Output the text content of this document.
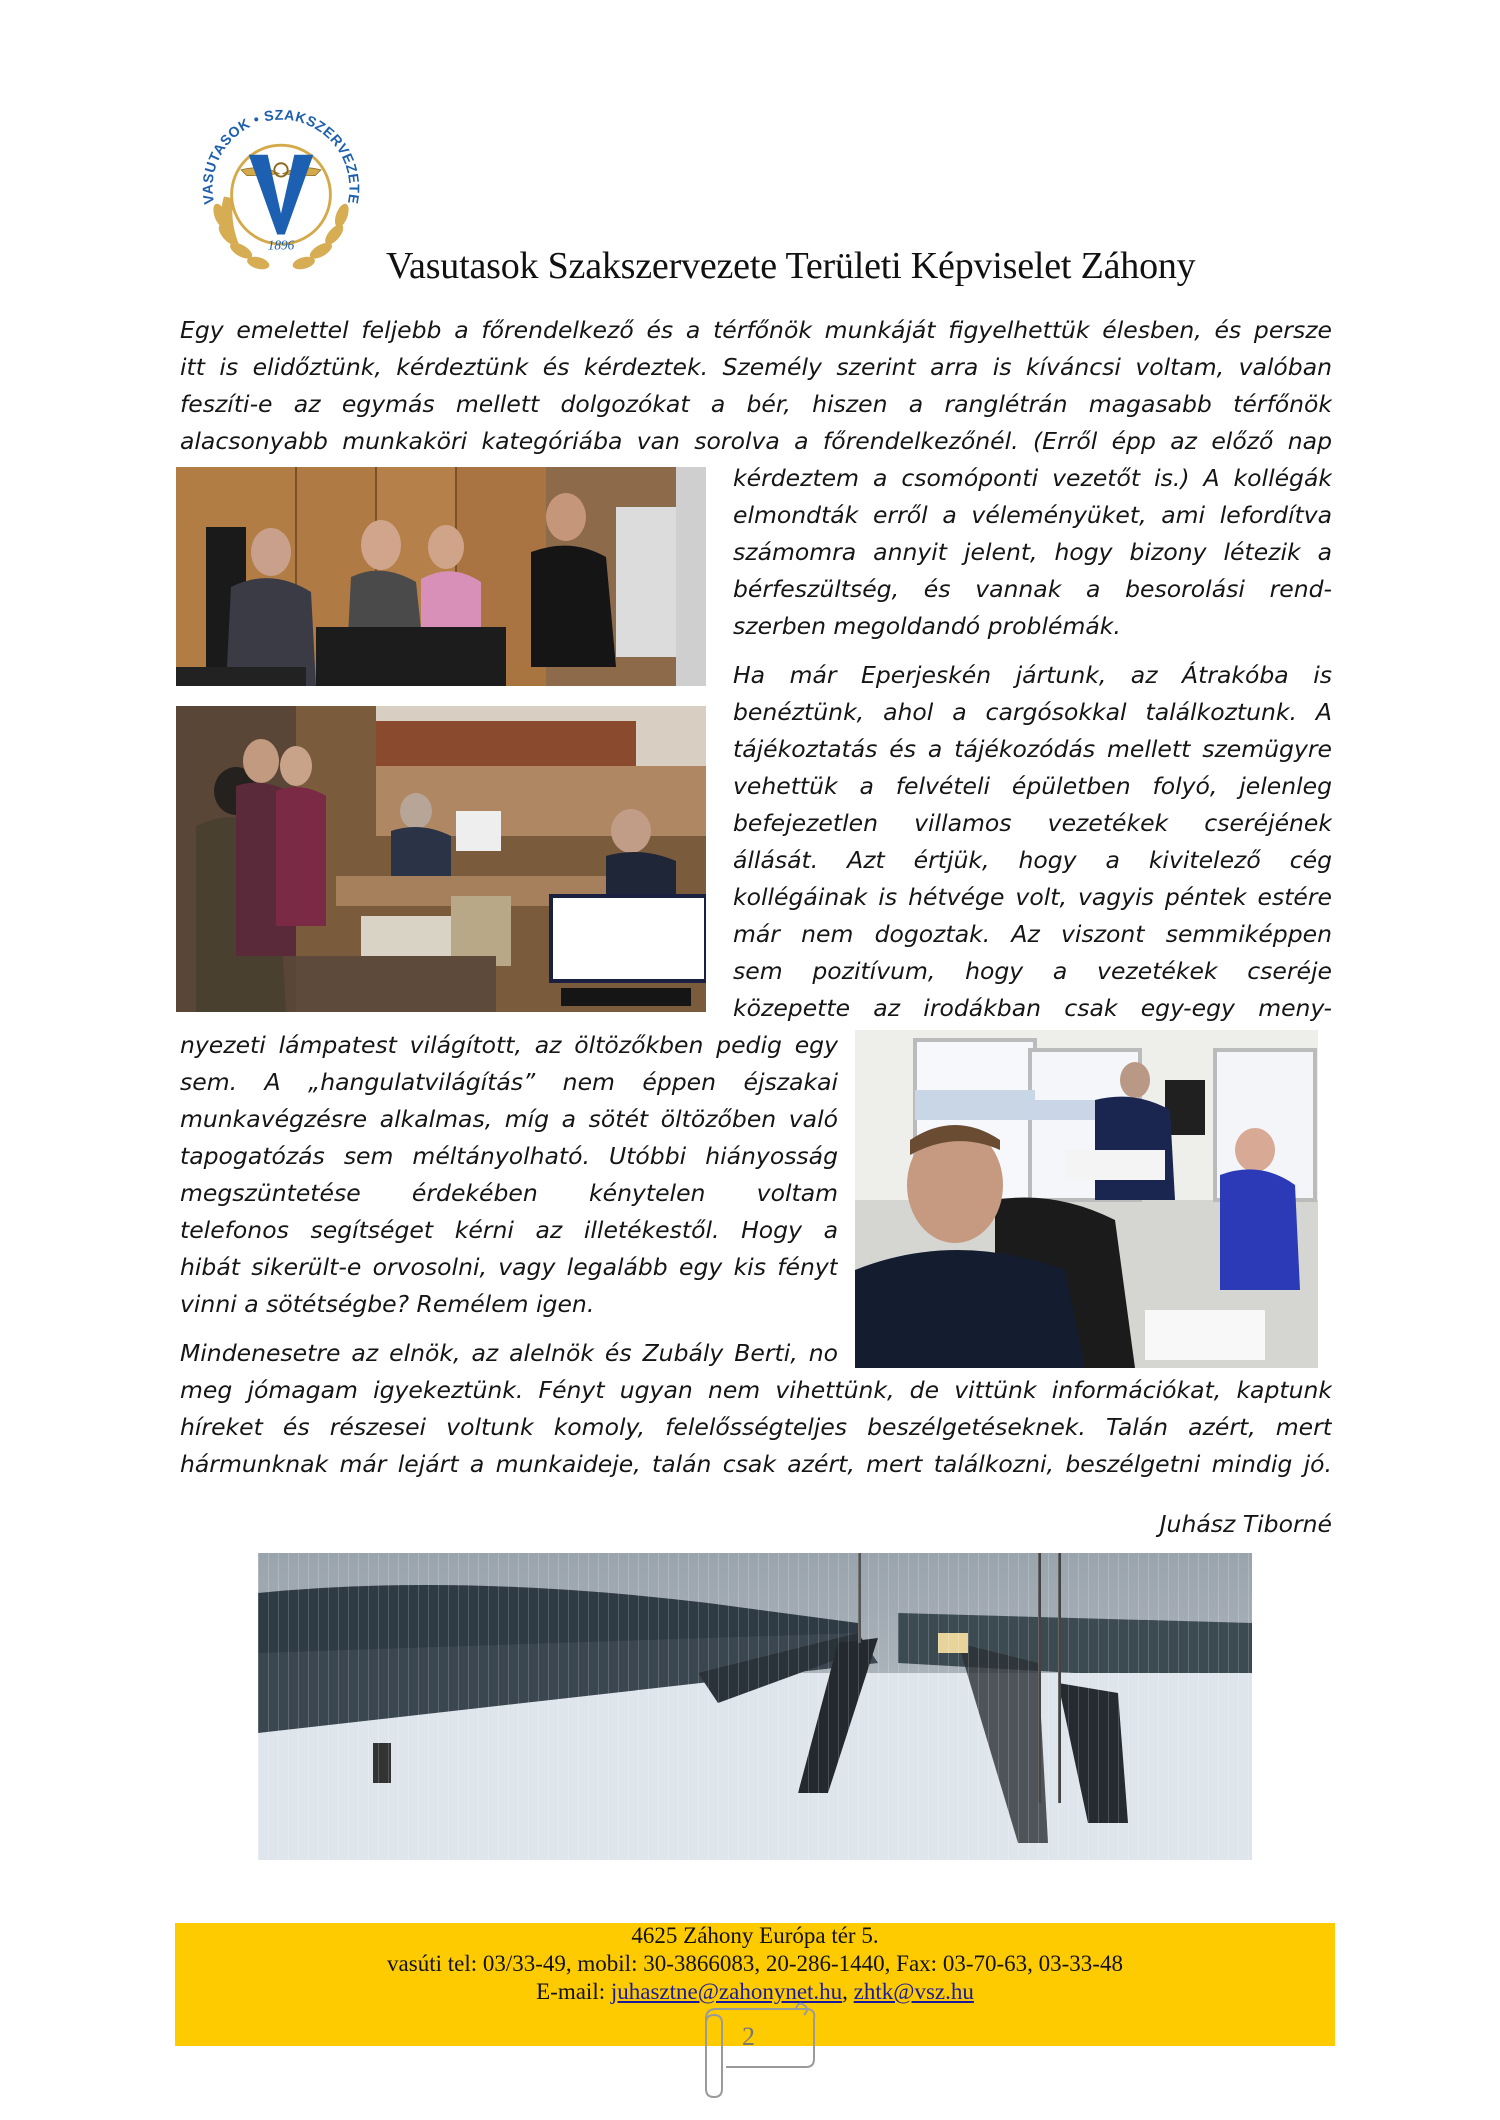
VASUTASOK • SZAKSZERVEZETE
1896 Vasutasok Szakszervezete Területi Képviselet Záhony
Egy emelettel feljebb a főrendelkező és a térfőnök munkáját figyelhettük élesben, és persze
itt is elidőztünk, kérdeztünk és kérdeztek. Személy szerint arra is kíváncsi voltam, valóban
feszíti-e az egymás mellett dolgozókat a bér, hiszen a ranglétrán magasabb térfőnök
alacsonyabb munkaköri kategóriába van sorolva a főrendelkezőnél. (Erről épp az előző nap
kérdeztem a csomóponti vezetőt is.) A kollégák
elmondták erről a véleményüket, ami lefordítva
számomra annyit jelent, hogy bizony létezik a
bérfeszültség, és vannak a besorolási rend-
szerben megoldandó problémák.
Ha már Eperjeskén jártunk, az Átrakóba is
benéztünk, ahol a cargósokkal találkoztunk. A
tájékoztatás és a tájékozódás mellett szemügyre
vehettük a felvételi épületben folyó, jelenleg
befejezetlen villamos vezetékek cseréjének
állását. Azt értjük, hogy a kivitelező cég
kollégáinak is hétvége volt, vagyis péntek estére
már nem dogoztak. Az viszont semmiképpen
sem pozitívum, hogy a vezetékek cseréje
közepette az irodákban csak egy-egy meny-
nyezeti lámpatest világított, az öltözőkben pedig egy
sem. A „hangulatvilágítás” nem éppen éjszakai
munkavégzésre alkalmas, míg a sötét öltözőben való
tapogatózás sem méltányolható. Utóbbi hiányosság
megszüntetése érdekében kénytelen voltam
telefonos segítséget kérni az illetékestől. Hogy a
hibát sikerült-e orvosolni, vagy legalább egy kis fényt
vinni a sötétségbe? Remélem igen.
Mindenesetre az elnök, az alelnök és Zubály Berti, no
meg jómagam igyekeztünk. Fényt ugyan nem vihettünk, de vittünk információkat, kaptunk
híreket és részesei voltunk komoly, felelősségteljes beszélgetéseknek. Talán azért, mert
hármunknak már lejárt a munkaideje, talán csak azért, mert találkozni, beszélgetni mindig jó.
Juhász Tiborné
4625 Záhony Európa tér 5.
vasúti tel: 03/33-49, mobil: 30-3866083, 20-286-1440, Fax: 03-70-63, 03-33-48
E-mail: juhasztne@zahonynet.hu, zhtk@vsz.hu
2
